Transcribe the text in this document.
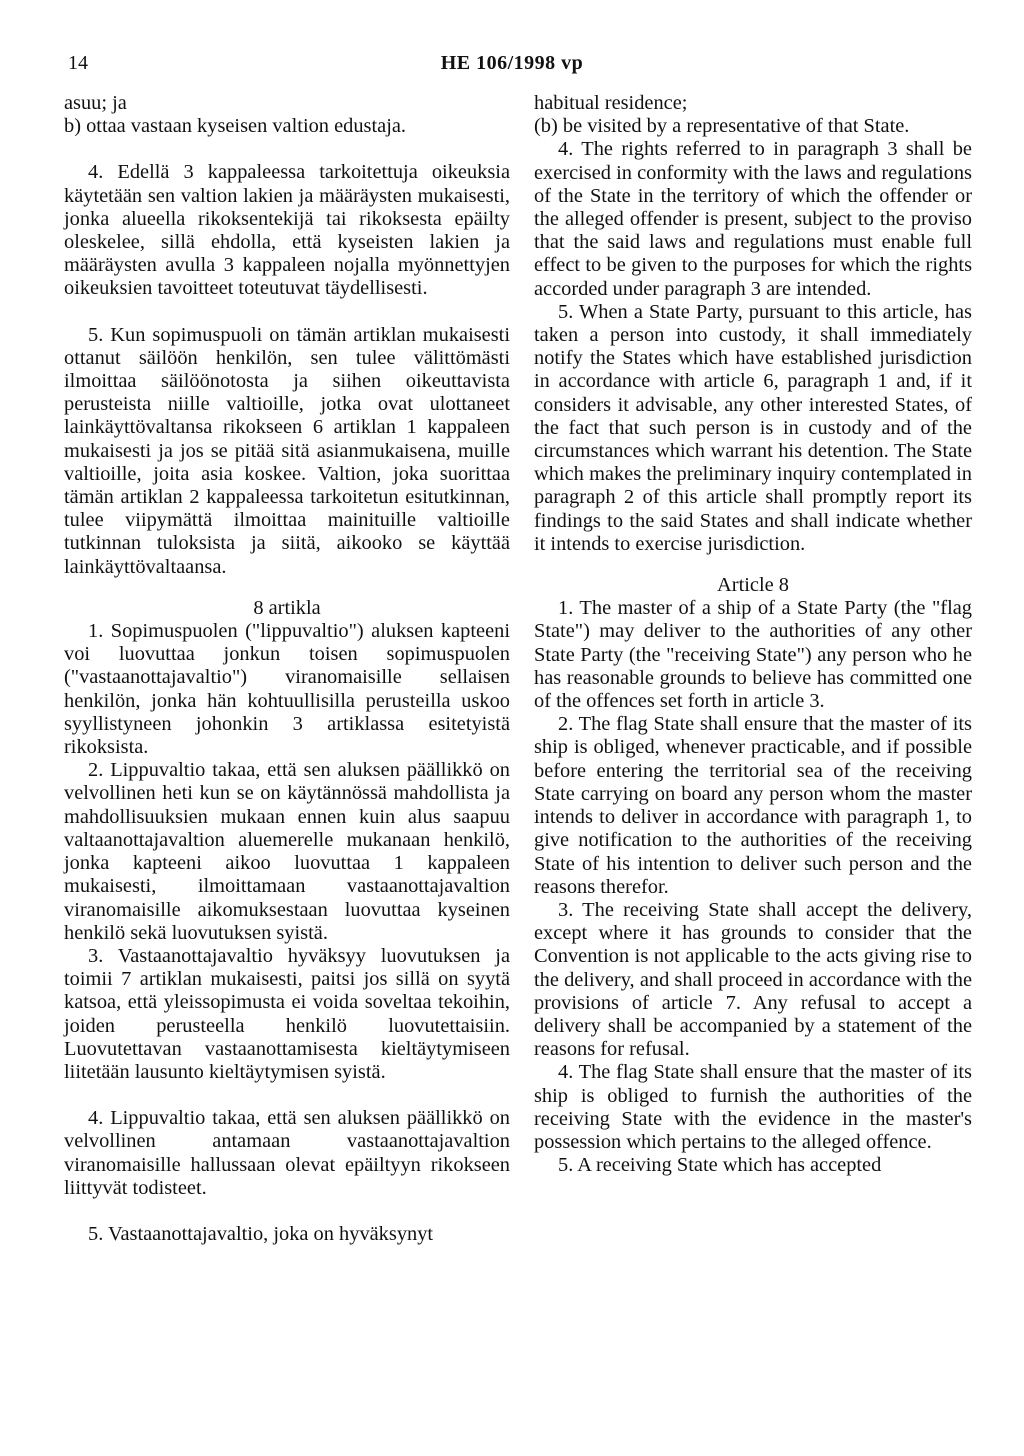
14	HE 106/1998 vp

asuu; ja

b) ottaa vastaan kyseisen valtion edustaja.

4. Edellä 3 kappaleessa tarkoitettuja oikeuksia käytetään sen valtion lakien ja määräysten mukaisesti, jonka alueella rikoksentekijä tai rikoksesta epäilty oleskelee, sillä ehdolla, että kyseisten lakien ja määräysten avulla 3 kappaleen nojalla myönnettyjen oikeuksien tavoitteet toteutuvat täydellisesti.

5. Kun sopimuspuoli on tämän artiklan mukaisesti ottanut säilöön henkilön, sen tulee välittömästi ilmoittaa säilöönotosta ja siihen oikeuttavista perusteista niille valtioille, jotka ovat ulottaneet lainkäyttövaltansa rikokseen 6 artiklan 1 kappaleen mukaisesti ja jos se pitää sitä asianmukaisena, muille valtioille, joita asia koskee. Valtion, joka suorittaa tämän artiklan 2 kappaleessa tarkoitetun esitutkinnan, tulee viipymättä ilmoittaa mainituille valtioille tutkinnan tuloksista ja siitä, aikooko se käyttää lainkäyttövaltaansa.

8 artikla

1. Sopimuspuolen ("lippuvaltio") aluksen kapteeni voi luovuttaa jonkun toisen sopimuspuolen ("vastaanottajavaltio") viranomaisille sellaisen henkilön, jonka hän kohtuullisilla perusteilla uskoo syyllistyneen johonkin 3 artiklassa esitetyistä rikoksista.

2. Lippuvaltio takaa, että sen aluksen päällikkö on velvollinen heti kun se on käytännössä mahdollista ja mahdollisuuksien mukaan ennen kuin alus saapuu valtaanottajavaltion aluemerelle mukanaan henkilö, jonka kapteeni aikoo luovuttaa 1 kappaleen mukaisesti, ilmoittamaan vastaanottajavaltion viranomaisille aikomuksestaan luovuttaa kyseinen henkilö sekä luovutuksen syistä.

3. Vastaanottajavaltio hyväksyy luovutuksen ja toimii 7 artiklan mukaisesti, paitsi jos sillä on syytä katsoa, että yleissopimusta ei voida soveltaa tekoihin, joiden perusteella henkilö luovutettaisiin. Luovutettavan vastaanottamisesta kieltäytymiseen liitetään lausunto kieltäytymisen syistä.

4. Lippuvaltio takaa, että sen aluksen päällikkö on velvollinen antamaan vastaanottajavaltion viranomaisille hallussaan olevat epäiltyyn rikokseen liittyvät todisteet.

5. Vastaanottajavaltio, joka on hyväksynyt

habitual residence;

(b) be visited by a representative of that State.

4. The rights referred to in paragraph 3 shall be exercised in conformity with the laws and regulations of the State in the territory of which the offender or the alleged offender is present, subject to the proviso that the said laws and regulations must enable full effect to be given to the purposes for which the rights accorded under paragraph 3 are intended.

5. When a State Party, pursuant to this article, has taken a person into custody, it shall immediately notify the States which have established jurisdiction in accordance with article 6, paragraph 1 and, if it considers it advisable, any other interested States, of the fact that such person is in custody and of the circumstances which warrant his detention. The State which makes the preliminary inquiry contemplated in paragraph 2 of this article shall promptly report its findings to the said States and shall indicate whether it intends to exercise jurisdiction.

Article 8

1. The master of a ship of a State Party (the "flag State") may deliver to the authorities of any other State Party (the "receiving State") any person who he has reasonable grounds to believe has committed one of the offences set forth in article 3.

2. The flag State shall ensure that the master of its ship is obliged, whenever practicable, and if possible before entering the territorial sea of the receiving State carrying on board any person whom the master intends to deliver in accordance with paragraph 1, to give notification to the authorities of the receiving State of his intention to deliver such person and the reasons therefor.

3. The receiving State shall accept the delivery, except where it has grounds to consider that the Convention is not applicable to the acts giving rise to the delivery, and shall proceed in accordance with the provisions of article 7. Any refusal to accept a delivery shall be accompanied by a statement of the reasons for refusal.

4. The flag State shall ensure that the master of its ship is obliged to furnish the authorities of the receiving State with the evidence in the master's possession which pertains to the alleged offence.

5. A receiving State which has accepted
